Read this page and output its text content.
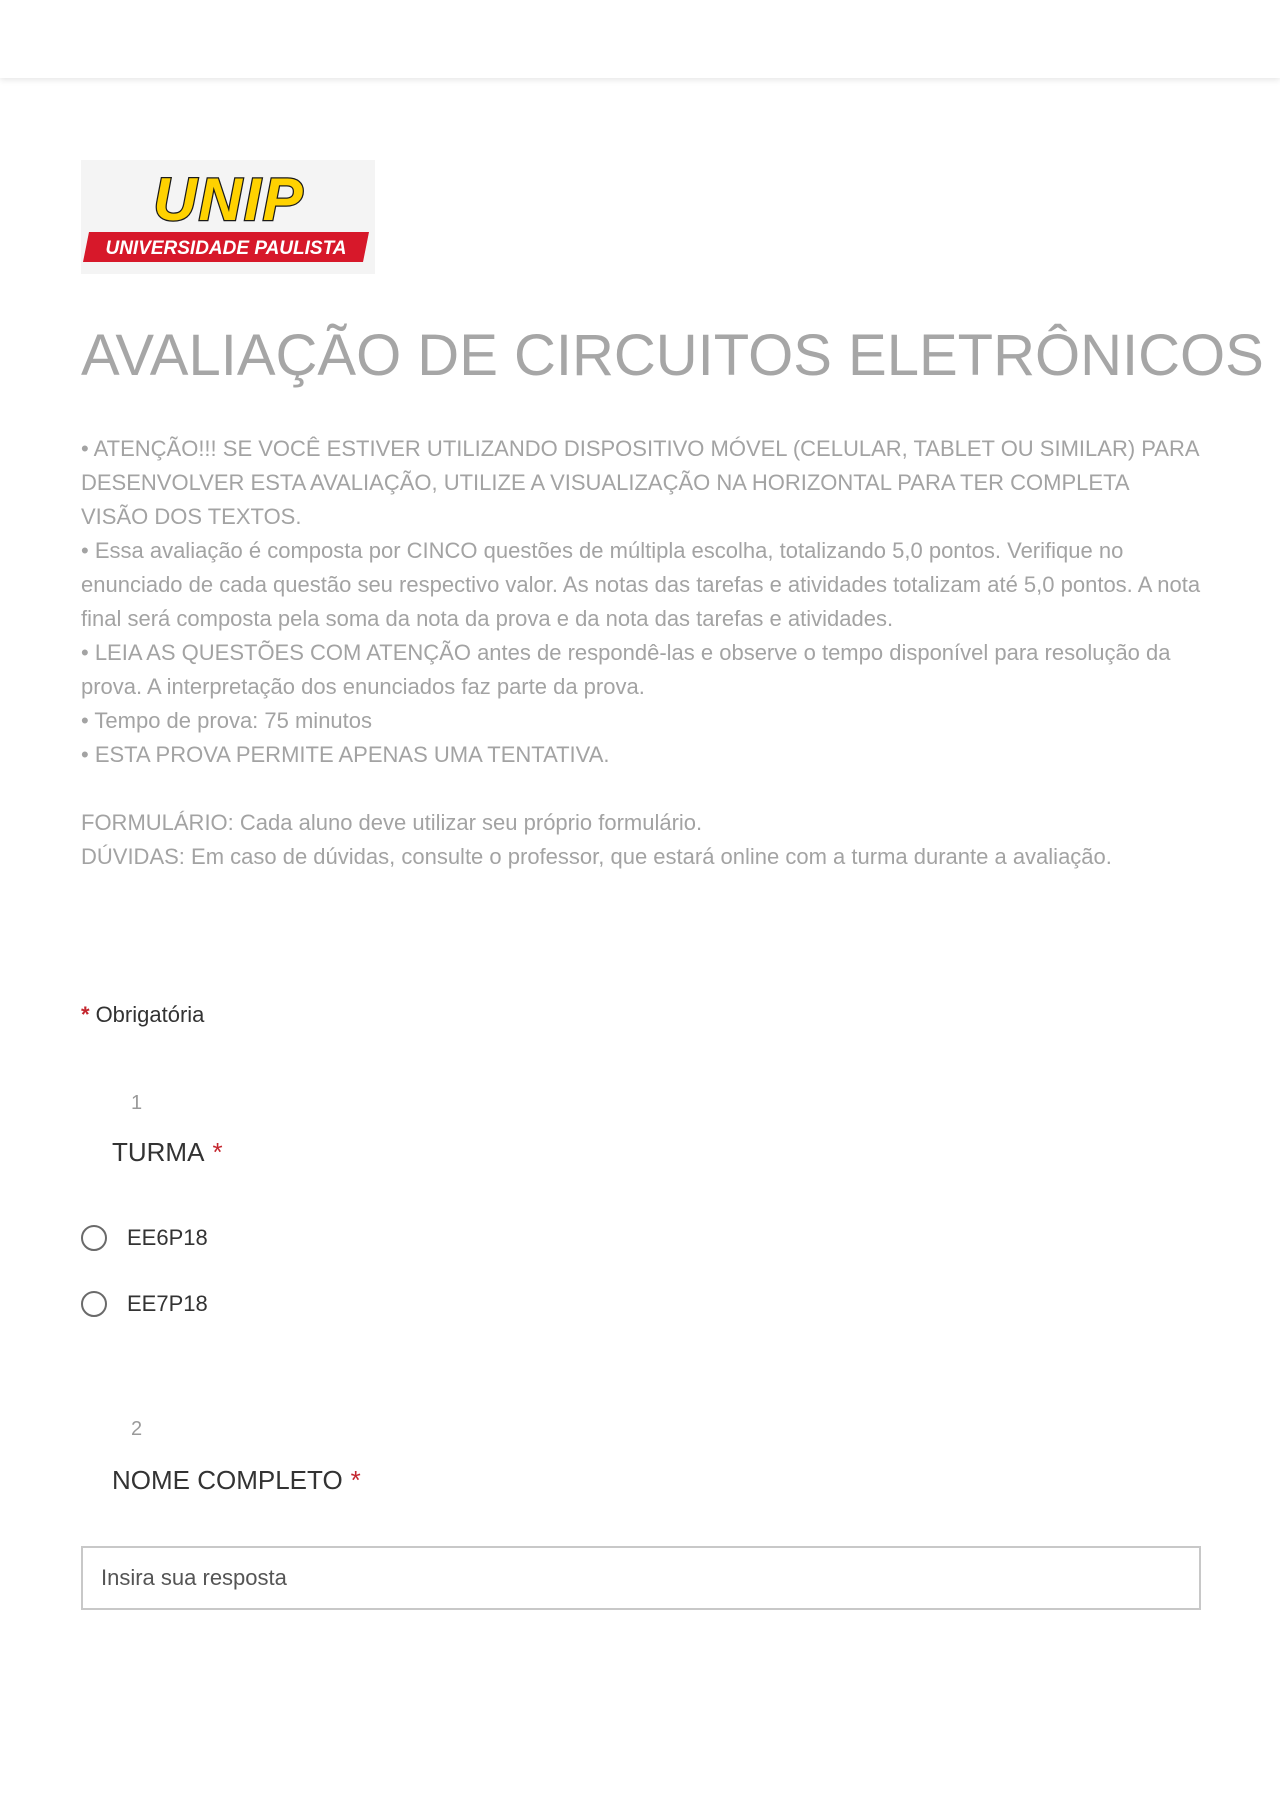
UNIVERSIDADE PAULISTA
UNIP
AVALIAÇÃO DE CIRCUITOS ELETRÔNICOS

• ATENÇÃO!!! SE VOCÊ ESTIVER UTILIZANDO DISPOSITIVO MÓVEL (CELULAR, TABLET OU SIMILAR) PARA DESENVOLVER ESTA AVALIAÇÃO, UTILIZE A VISUALIZAÇÃO NA HORIZONTAL PARA TER COMPLETA VISÃO DOS TEXTOS.

• Essa avaliação é composta por CINCO questões de múltipla escolha, totalizando 5,0 pontos. Verifique no enunciado de cada questão seu respectivo valor. As notas das tarefas e atividades totalizam até 5,0 pontos. A nota final será composta pela soma da nota da prova e da nota das tarefas e atividades.

• LEIA AS QUESTÕES COM ATENÇÃO antes de respondê-las e observe o tempo disponível para resolução da prova. A interpretação dos enunciados faz parte da prova.

• Tempo de prova: 75 minutos

• ESTA PROVA PERMITE APENAS UMA TENTATIVA.

FORMULÁRIO: Cada aluno deve utilizar seu próprio formulário.

DÚVIDAS: Em caso de dúvidas, consulte o professor, que estará online com a turma durante a avaliação.

* Obrigatória
1
TURMA *
EE6P18
EE7P18
2
NOME COMPLETO *
Insira sua resposta
